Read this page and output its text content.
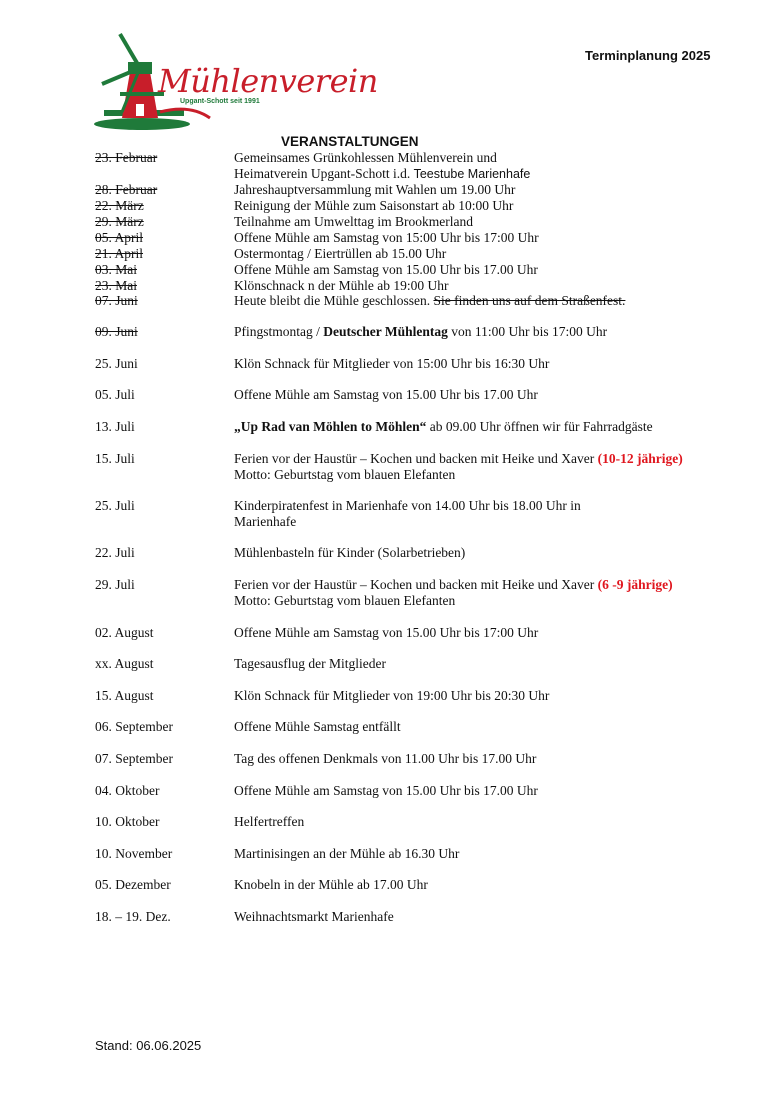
Mühlenverein
Upgant-Schott seit 1991
Terminplanung 2025
VERANSTALTUNGEN
23. Februar	Gemeinsames Grünkohlessen Mühlenverein und
Heimatverein Upgant-Schott i.d. Teestube Marienhafe
28. Februar	Jahreshauptversammlung mit Wahlen um 19.00 Uhr
22. März	Reinigung der Mühle zum Saisonstart ab 10:00 Uhr
29. März	Teilnahme am Umwelttag im Brookmerland
05. April	Offene Mühle am Samstag von 15:00 Uhr bis 17:00 Uhr
21. April	Ostermontag / Eiertrüllen ab 15.00 Uhr
03. Mai	Offene Mühle am Samstag von 15.00 Uhr bis 17.00 Uhr
23. Mai	Klönschnack n der Mühle ab 19:00 Uhr
07. Juni	Heute bleibt die Mühle geschlossen. Sie finden uns auf dem Straßenfest.
09. Juni	Pfingstmontag / Deutscher Mühlentag von 11:00 Uhr bis 17:00 Uhr
25. Juni	Klön Schnack für Mitglieder von 15:00 Uhr bis 16:30 Uhr
05. Juli	Offene Mühle am Samstag von 15.00 Uhr bis 17.00 Uhr
13. Juli	„Up Rad van Möhlen to Möhlen“ ab 09.00 Uhr öffnen wir für Fahrradgäste
15. Juli	Ferien vor der Haustür – Kochen und backen mit Heike und Xaver (10-12 jährige)
Motto: Geburtstag vom blauen Elefanten
25. Juli	Kinderpiratenfest in Marienhafe von 14.00 Uhr bis 18.00 Uhr in
Marienhafe
22. Juli	Mühlenbasteln für Kinder (Solarbetrieben)
29. Juli	Ferien vor der Haustür – Kochen und backen mit Heike und Xaver (6 -9 jährige)
Motto: Geburtstag vom blauen Elefanten
02. August	Offene Mühle am Samstag von 15.00 Uhr bis 17:00 Uhr
xx. August	Tagesausflug der Mitglieder
15. August	Klön Schnack für Mitglieder von 19:00 Uhr bis 20:30 Uhr
06. September	Offene Mühle Samstag entfällt
07. September	Tag des offenen Denkmals von 11.00 Uhr bis 17.00 Uhr
04. Oktober	Offene Mühle am Samstag von 15.00 Uhr bis 17.00 Uhr
10. Oktober	Helfertreffen
10. November	Martinisingen an der Mühle ab 16.30 Uhr
05. Dezember	Knobeln in der Mühle ab 17.00 Uhr
18. – 19. Dez.	Weihnachtsmarkt Marienhafe
Stand: 06.06.2025
